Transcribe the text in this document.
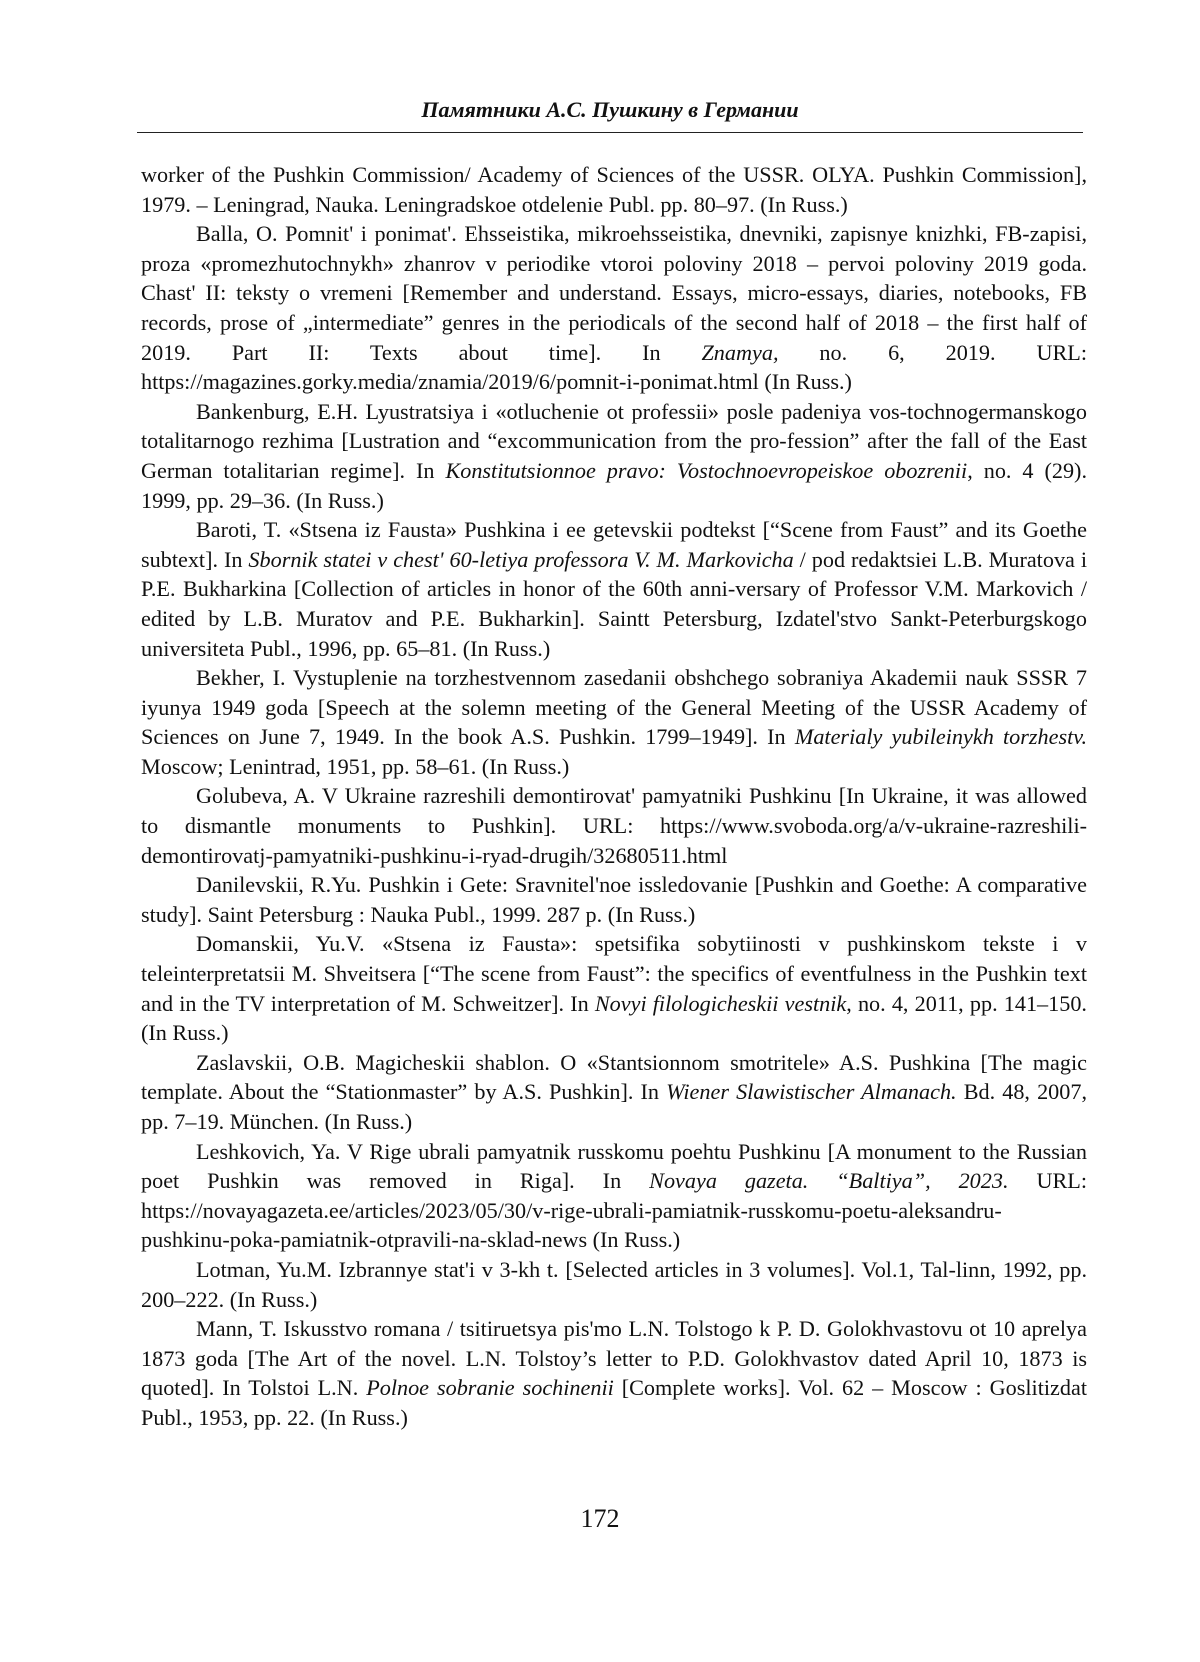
Памятники А.С. Пушкину в Германии

worker of the Pushkin Commission/ Academy of Sciences of the USSR. OLYA. Pushkin Commission], 1979. – Leningrad, Nauka. Leningradskoe otdelenie Publ. pp. 80–97. (In Russ.)

Balla, O. Pomnit' i ponimat'. Ehsseistika, mikroehsseistika, dnevniki, zapisnye knizhki, FB-zapisi, proza «promezhutochnykh» zhanrov v periodike vtoroi poloviny 2018 – pervoi poloviny 2019 goda. Chast' II: teksty o vremeni [Remember and understand. Essays, micro-essays, diaries, notebooks, FB records, prose of „intermediate” genres in the periodicals of the second half of 2018 – the first half of 2019. Part II: Texts about time]. In Znamya, no. 6, 2019. URL: https://magazines.gorky.media/znamia/2019/6/pomnit-i-ponimat.html (In Russ.)

Bankenburg, E.H. Lyustratsiya i «otluchenie ot professii» posle padeniya vos-tochnogermanskogo totalitarnogo rezhima [Lustration and “excommunication from the pro-fession” after the fall of the East German totalitarian regime]. In Konstitutsionnoe pravo: Vostochnoevropeiskoe obozrenii, no. 4 (29). 1999, pp. 29–36. (In Russ.)

Baroti, T. «Stsena iz Fausta» Pushkina i ee getevskii podtekst [“Scene from Faust” and its Goethe subtext]. In Sbornik statei v chest' 60-letiya professora V. M. Markovicha / pod redaktsiei L.B. Muratova i P.E. Bukharkina [Collection of articles in honor of the 60th anni-versary of Professor V.M. Markovich / edited by L.B. Muratov and P.E. Bukharkin]. Saintt Petersburg, Izdatel'stvo Sankt-Peterburgskogo universiteta Publ., 1996, pp. 65–81. (In Russ.)

Bekher, I. Vystuplenie na torzhestvennom zasedanii obshchego sobraniya Akademii nauk SSSR 7 iyunya 1949 goda [Speech at the solemn meeting of the General Meeting of the USSR Academy of Sciences on June 7, 1949. In the book A.S. Pushkin. 1799–1949]. In Materialy yubileinykh torzhestv. Moscow; Lenintrad, 1951, pp. 58–61. (In Russ.)

Golubeva, A. V Ukraine razreshili demontirovat' pamyatniki Pushkinu [In Ukraine, it was allowed to dismantle monuments to Pushkin]. URL: https://www.svoboda.org/a/v-ukraine-razreshili-demontirovatj-pamyatniki-pushkinu-i-ryad-drugih/32680511.html

Danilevskii, R.Yu. Pushkin i Gete: Sravnitel'noe issledovanie [Pushkin and Goethe: A comparative study]. Saint Petersburg : Nauka Publ., 1999. 287 p. (In Russ.)

Domanskii, Yu.V. «Stsena iz Fausta»: spetsifika sobytiinosti v pushkinskom tekste i v teleinterpretatsii M. Shveitsera [“The scene from Faust”: the specifics of eventfulness in the Pushkin text and in the TV interpretation of M. Schweitzer]. In Novyi filologicheskii vestnik, no. 4, 2011, pp. 141–150. (In Russ.)

Zaslavskii, O.B. Magicheskii shablon. O «Stantsionnom smotritele» A.S. Pushkina [The magic template. About the “Stationmaster” by A.S. Pushkin]. In Wiener Slawistischer Almanach. Bd. 48, 2007, pp. 7–19. München. (In Russ.)

Leshkovich, Ya. V Rige ubrali pamyatnik russkomu poehtu Pushkinu [A monument to the Russian poet Pushkin was removed in Riga]. In Novaya gazeta. “Baltiya”, 2023. URL: https://novayagazeta.ee/articles/2023/05/30/v-rige-ubrali-pamiatnik-russkomu-poetu-aleksandru-pushkinu-poka-pamiatnik-otpravili-na-sklad-news (In Russ.)

Lotman, Yu.M. Izbrannye stat'i v 3-kh t. [Selected articles in 3 volumes]. Vol.1, Tal-linn, 1992, pp. 200–222. (In Russ.)

Mann, T. Iskusstvo romana / tsitiruetsya pis'mo L.N. Tolstogo k P. D. Golokhvastovu ot 10 aprelya 1873 goda [The Art of the novel. L.N. Tolstoy’s letter to P.D. Golokhvastov dated April 10, 1873 is quoted]. In Tolstoi L.N. Polnoe sobranie sochinenii [Complete works]. Vol. 62 – Moscow : Goslitizdat Publ., 1953, pp. 22. (In Russ.)

172
